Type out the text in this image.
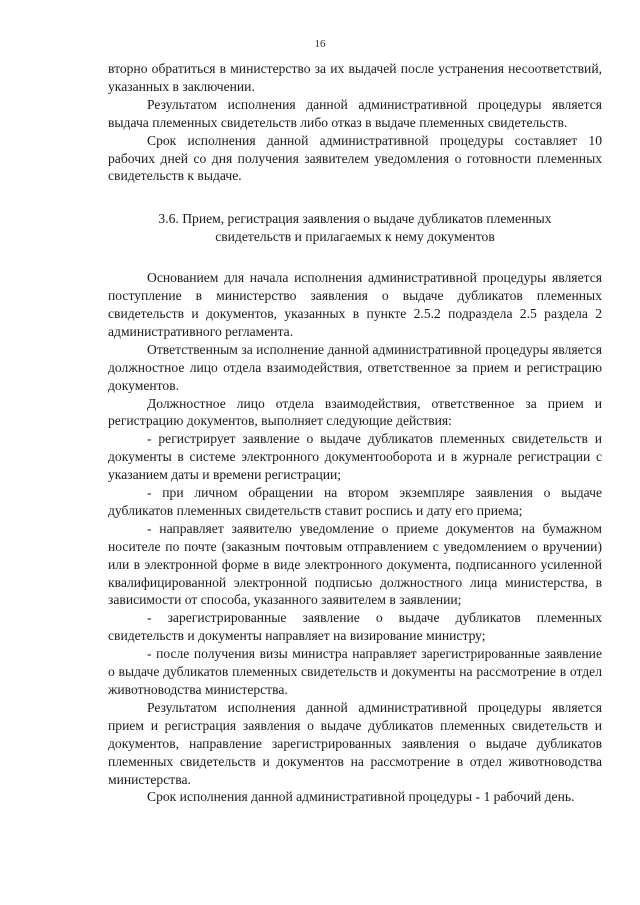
16

вторно обратиться в министерство за их выдачей после устранения несоответствий, указанных в заключении.

Результатом исполнения данной административной процедуры является выдача племенных свидетельств либо отказ в выдаче племенных свидетельств.

Срок исполнения данной административной процедуры составляет 10 рабочих дней со дня получения заявителем уведомления о готовности племенных свидетельств к выдаче.

3.6. Прием, регистрация заявления о выдаче дубликатов племенных
свидетельств и прилагаемых к нему документов

Основанием для начала исполнения административной процедуры является поступление в министерство заявления о выдаче дубликатов племенных свидетельств и документов, указанных в пункте 2.5.2 подраздела 2.5 раздела 2 административного регламента.

Ответственным за исполнение данной административной процедуры является должностное лицо отдела взаимодействия, ответственное за прием и регистрацию документов.

Должностное лицо отдела взаимодействия, ответственное за прием и регистрацию документов, выполняет следующие действия:

- регистрирует заявление о выдаче дубликатов племенных свидетельств и документы в системе электронного документооборота и в журнале регистрации с указанием даты и времени регистрации;

- при личном обращении на втором экземпляре заявления о выдаче дубликатов племенных свидетельств ставит роспись и дату его приема;

- направляет заявителю уведомление о приеме документов на бумажном носителе по почте (заказным почтовым отправлением с уведомлением о вручении) или в электронной форме в виде электронного документа, подписанного усиленной квалифицированной электронной подписью должностного лица министерства, в зависимости от способа, указанного заявителем в заявлении;

- зарегистрированные заявление о выдаче дубликатов племенных свидетельств и документы направляет на визирование министру;

- после получения визы министра направляет зарегистрированные заявление о выдаче дубликатов племенных свидетельств и документы на рассмотрение в отдел животноводства министерства.

Результатом исполнения данной административной процедуры является прием и регистрация заявления о выдаче дубликатов племенных свидетельств и документов, направление зарегистрированных заявления о выдаче дубликатов племенных свидетельств и документов на рассмотрение в отдел животноводства министерства.

Срок исполнения данной административной процедуры - 1 рабочий день.
